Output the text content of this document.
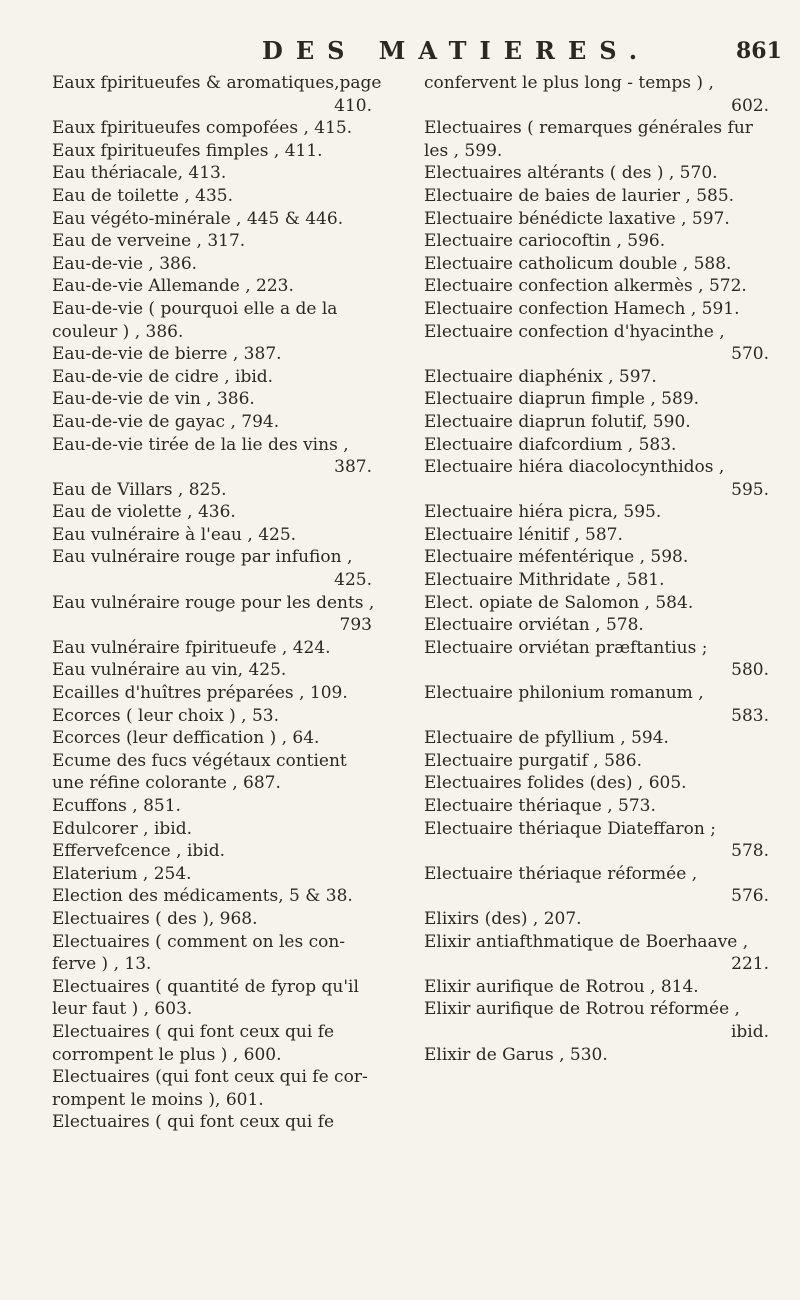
DES MATIERES.	861
Eaux fpiritueufes & aromatiques,page
410.
Eaux fpiritueufes compofées , 415.
Eaux fpiritueufes fimples , 411.
Eau thériacale, 413.
Eau de toilette , 435.
Eau végéto-minérale , 445 & 446.
Eau de verveine , 317.
Eau-de-vie , 386.
Eau-de-vie Allemande , 223.
Eau-de-vie ( pourquoi elle a de la
couleur ) , 386.
Eau-de-vie de bierre , 387.
Eau-de-vie de cidre , ibid.
Eau-de-vie de vin , 386.
Eau-de-vie de gayac , 794.
Eau-de-vie tirée de la lie des vins ,
387.
Eau de Villars , 825.
Eau de violette , 436.
Eau vulnéraire à l'eau , 425.
Eau vulnéraire rouge par infufion ,
425.
Eau vulnéraire rouge pour les dents ,
793
Eau vulnéraire fpiritueufe , 424.
Eau vulnéraire au vin, 425.
Ecailles d'huîtres préparées , 109.
Ecorces ( leur choix ) , 53.
Ecorces (leur deffication ) , 64.
Ecume des fucs végétaux contient
une réfine colorante , 687.
Ecuffons , 851.
Edulcorer , ibid.
Effervefcence , ibid.
Elaterium , 254.
Election des médicaments, 5 & 38.
Electuaires ( des ), 968.
Electuaires ( comment on les con-
ferve ) , 13.
Electuaires ( quantité de fyrop qu'il
leur faut ) , 603.
Electuaires ( qui font ceux qui fe
corrompent le plus ) , 600.
Electuaires (qui font ceux qui fe cor-
rompent le moins ), 601.
Electuaires ( qui font ceux qui fe
confervent le plus long - temps ) ,
602.
Electuaires ( remarques générales fur
les , 599.
Electuaires altérants ( des ) , 570.
Electuaire de baies de laurier , 585.
Electuaire bénédicte laxative , 597.
Electuaire cariocoftin , 596.
Electuaire catholicum double , 588.
Electuaire confection alkermès , 572.
Electuaire confection Hamech , 591.
Electuaire confection d'hyacinthe ,
570.
Electuaire diaphénix , 597.
Electuaire diaprun fimple , 589.
Electuaire diaprun folutif, 590.
Electuaire diafcordium , 583.
Electuaire hiéra diacolocynthidos ,
595.
Electuaire hiéra picra, 595.
Electuaire lénitif , 587.
Electuaire méfentérique , 598.
Electuaire Mithridate , 581.
Elect. opiate de Salomon , 584.
Electuaire orviétan , 578.
Electuaire orviétan præftantius ;
580.
Electuaire philonium romanum ,
583.
Electuaire de pfyllium , 594.
Electuaire purgatif , 586.
Electuaires folides (des) , 605.
Electuaire thériaque , 573.
Electuaire thériaque Diateffaron ;
578.
Electuaire thériaque réformée ,
576.
Elixirs (des) , 207.
Elixir antiafthmatique de Boerhaave ,
221.
Elixir aurifique de Rotrou , 814.
Elixir aurifique de Rotrou réformée ,
ibid.
Elixir de Garus , 530.
